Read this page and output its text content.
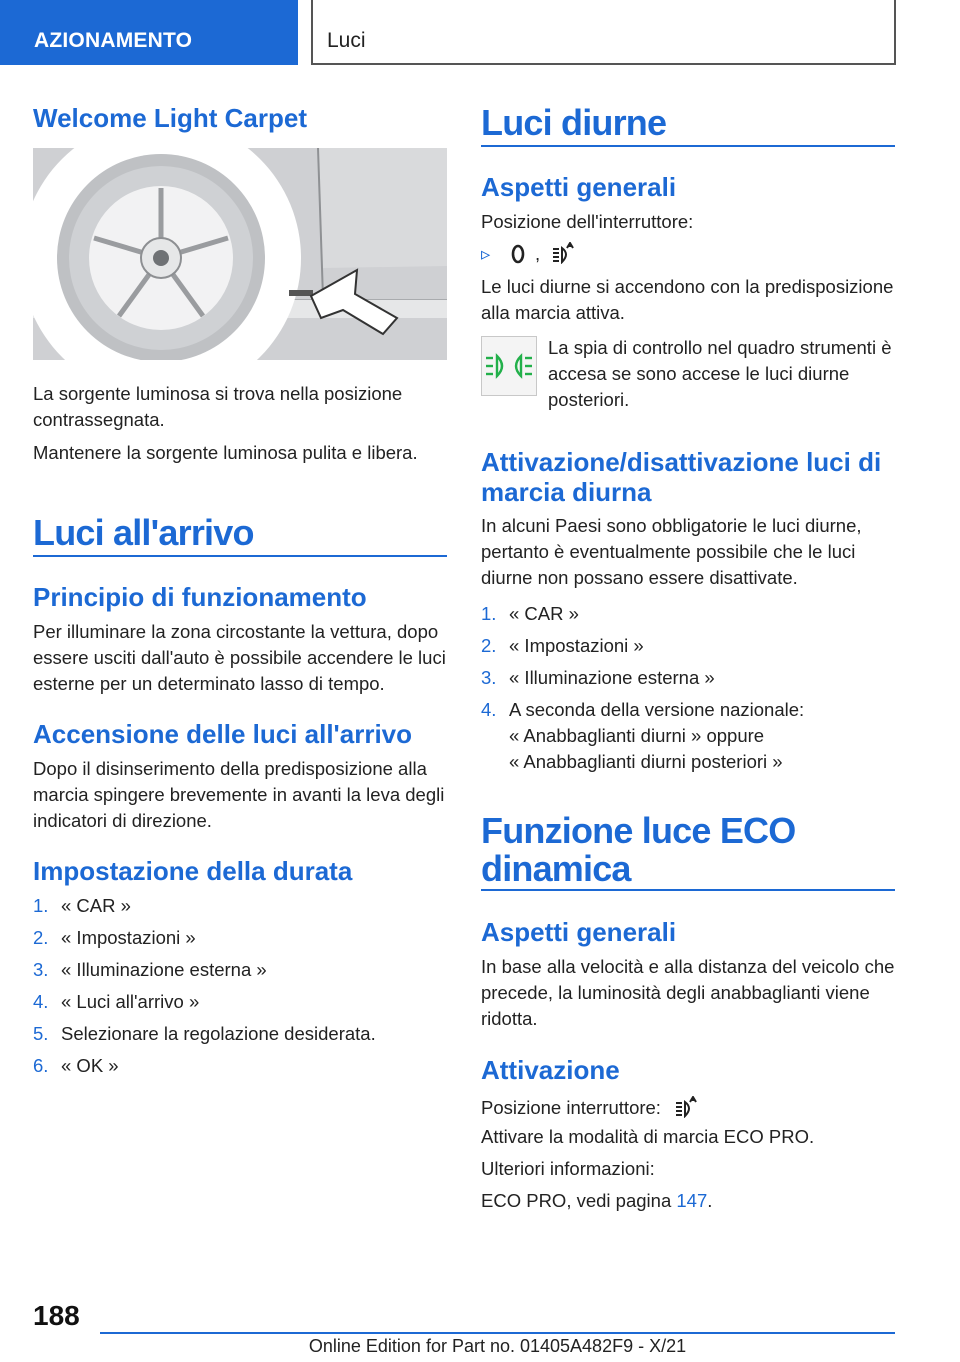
AZIONAMENTO	Luci
Welcome Light Carpet
La sorgente luminosa si trova nella posizione contrassegnata.
Mantenere la sorgente luminosa pulita e libera.
Luci all'arrivo
Principio di funzionamento
Per illuminare la zona circostante la vettura, dopo essere usciti dall'auto è possibile accendere le luci esterne per un determinato lasso di tempo.
Accensione delle luci all'arrivo
Dopo il disinserimento della predisposizione alla marcia spingere brevemente in avanti la leva degli indicatori di direzione.
Impostazione della durata
1. « CAR »
2. « Impostazioni »
3. « Illuminazione esterna »
4. « Luci all'arrivo »
5. Selezionare la regolazione desiderata.
6. « OK »
Luci diurne
Aspetti generali
Posizione dell'interruttore:
▹ ,
Le luci diurne si accendono con la predisposizione alla marcia attiva.
La spia di controllo nel quadro strumenti è accesa se sono accese le luci diurne posteriori.
Attivazione/disattivazione luci di marcia diurna
In alcuni Paesi sono obbligatorie le luci diurne, pertanto è eventualmente possibile che le luci diurne non possano essere disattivate.
1. « CAR »
2. « Impostazioni »
3. « Illuminazione esterna »
4. A seconda della versione nazionale:
« Anabbaglianti diurni » oppure
« Anabbaglianti diurni posteriori »
Funzione luce ECO dinamica
Aspetti generali
In base alla velocità e alla distanza del veicolo che precede, la luminosità degli anabbaglianti viene ridotta.
Attivazione
Posizione interruttore:
Attivare la modalità di marcia ECO PRO.
Ulteriori informazioni:
ECO PRO, vedi pagina 147.
188
Online Edition for Part no. 01405A482F9 - X/21
